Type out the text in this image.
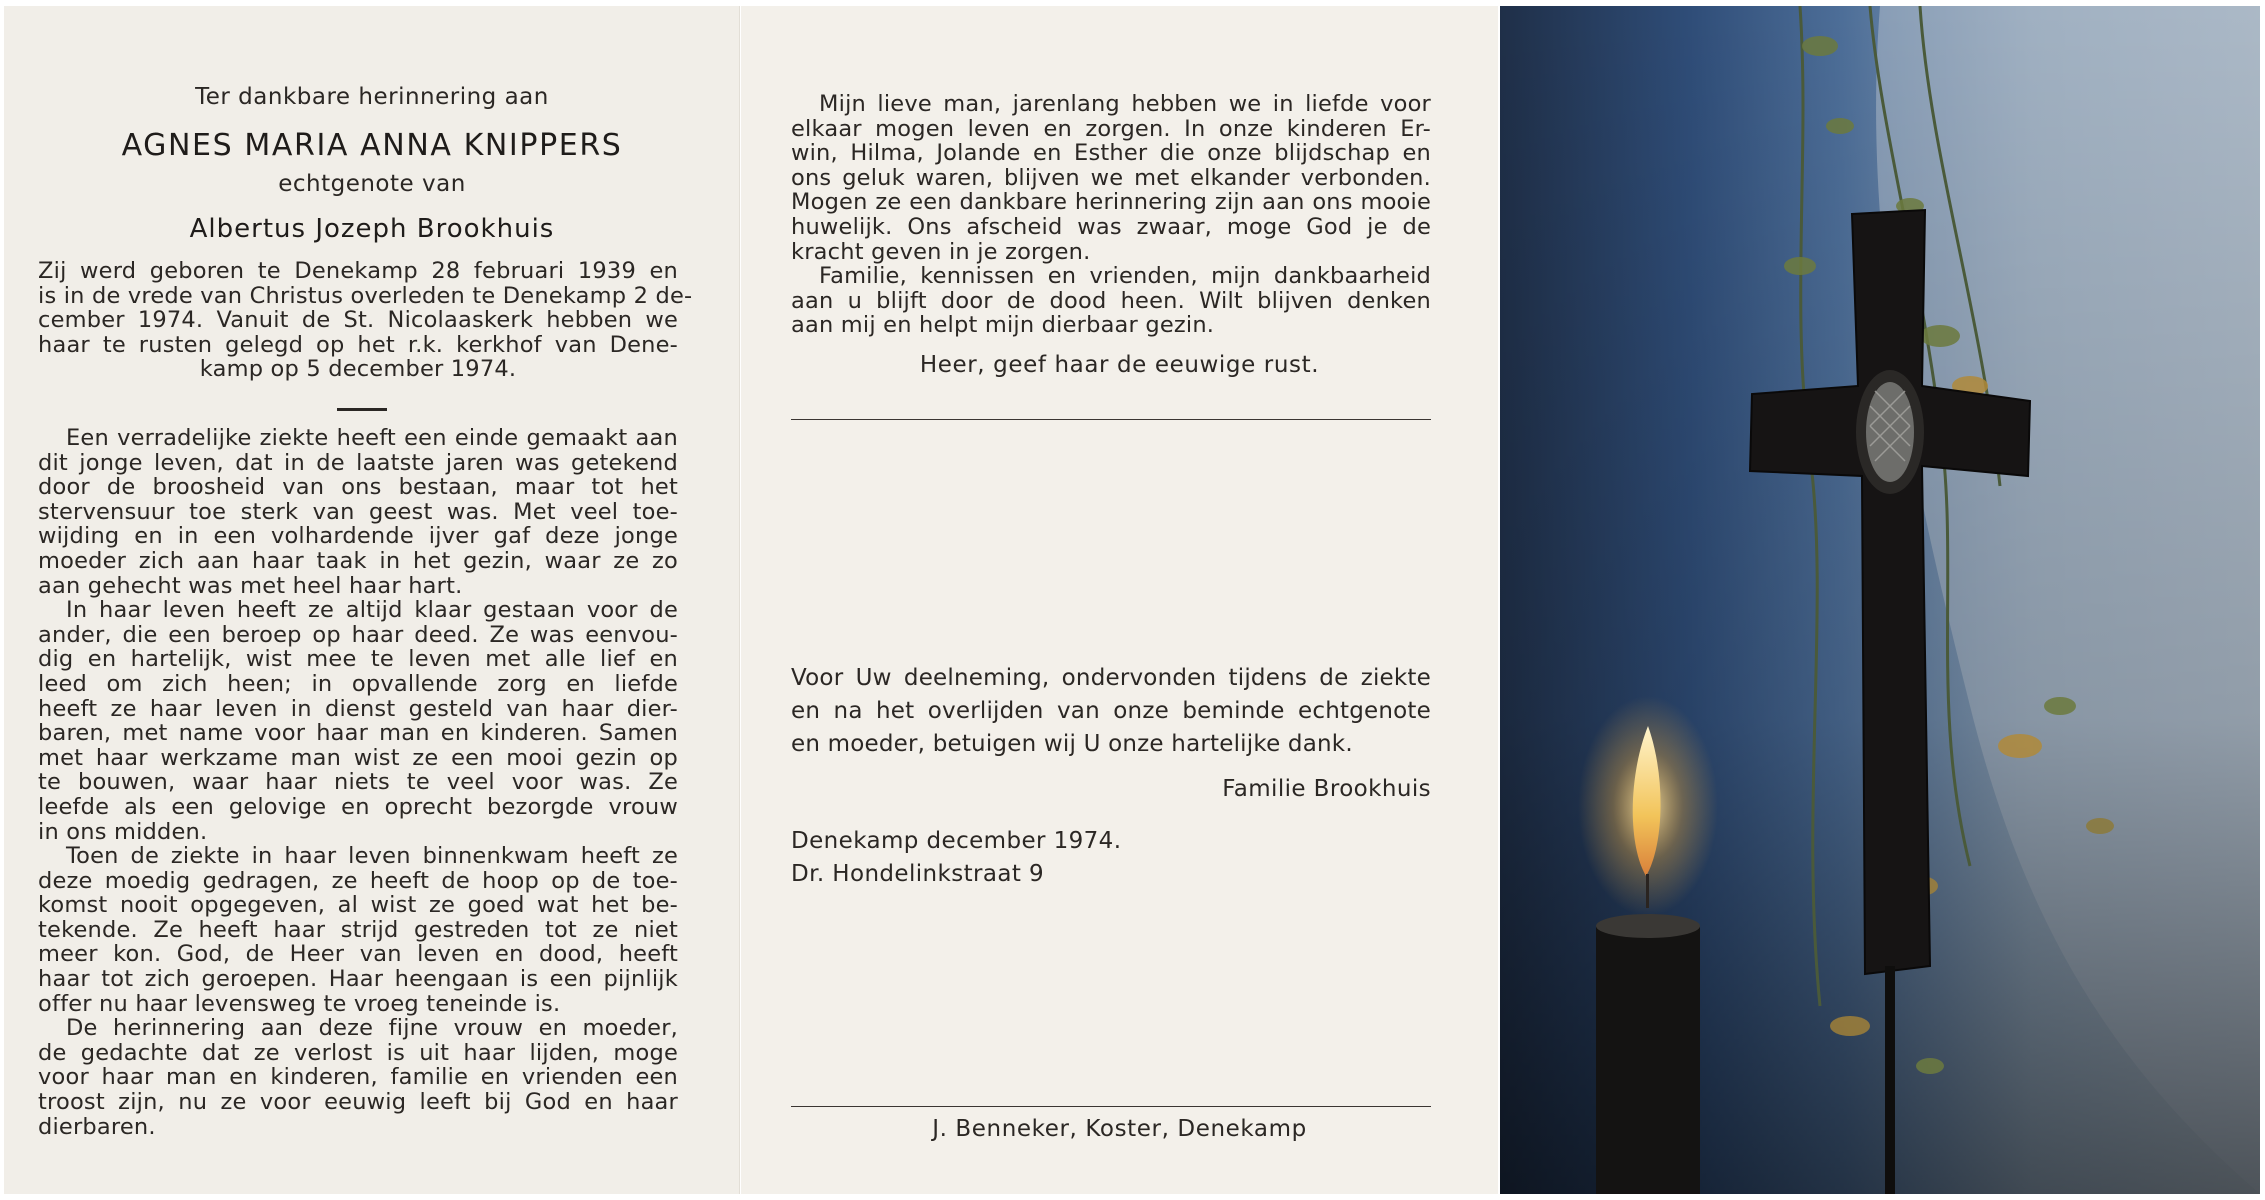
Ter dankbare herinnering aan
AGNES MARIA ANNA KNIPPERS
echtgenote van
Albertus Jozeph Brookhuis
Zij werd geboren te Denekamp 28 februari 1939 en
is in de vrede van Christus overleden te Denekamp 2 de-
cember 1974. Vanuit de St. Nicolaaskerk hebben we
haar te rusten gelegd op het r.k. kerkhof van Dene-
kamp op 5 december 1974.
Een verradelijke ziekte heeft een einde gemaakt aan
dit jonge leven, dat in de laatste jaren was getekend
door de broosheid van ons bestaan, maar tot het
stervensuur toe sterk van geest was. Met veel toe-
wijding en in een volhardende ijver gaf deze jonge
moeder zich aan haar taak in het gezin, waar ze zo
aan gehecht was met heel haar hart.
In haar leven heeft ze altijd klaar gestaan voor de
ander, die een beroep op haar deed. Ze was eenvou-
dig en hartelijk, wist mee te leven met alle lief en
leed om zich heen; in opvallende zorg en liefde
heeft ze haar leven in dienst gesteld van haar dier-
baren, met name voor haar man en kinderen. Samen
met haar werkzame man wist ze een mooi gezin op
te bouwen, waar haar niets te veel voor was. Ze
leefde als een gelovige en oprecht bezorgde vrouw
in ons midden.
Toen de ziekte in haar leven binnenkwam heeft ze
deze moedig gedragen, ze heeft de hoop op de toe-
komst nooit opgegeven, al wist ze goed wat het be-
tekende. Ze heeft haar strijd gestreden tot ze niet
meer kon. God, de Heer van leven en dood, heeft
haar tot zich geroepen. Haar heengaan is een pijnlijk
offer nu haar levensweg te vroeg teneinde is.
De herinnering aan deze fijne vrouw en moeder,
de gedachte dat ze verlost is uit haar lijden, moge
voor haar man en kinderen, familie en vrienden een
troost zijn, nu ze voor eeuwig leeft bij God en haar
dierbaren.
Mijn lieve man, jarenlang hebben we in liefde voor
elkaar mogen leven en zorgen. In onze kinderen Er-
win, Hilma, Jolande en Esther die onze blijdschap en
ons geluk waren, blijven we met elkander verbonden.
Mogen ze een dankbare herinnering zijn aan ons mooie
huwelijk. Ons afscheid was zwaar, moge God je de
kracht geven in je zorgen.
Familie, kennissen en vrienden, mijn dankbaarheid
aan u blijft door de dood heen. Wilt blijven denken
aan mij en helpt mijn dierbaar gezin.
Heer, geef haar de eeuwige rust.
Voor Uw deelneming, ondervonden tijdens de ziekte
en na het overlijden van onze beminde echtgenote
en moeder, betuigen wij U onze hartelijke dank.
Familie Brookhuis
Denekamp december 1974.
Dr. Hondelinkstraat 9
J. Benneker, Koster, Denekamp
